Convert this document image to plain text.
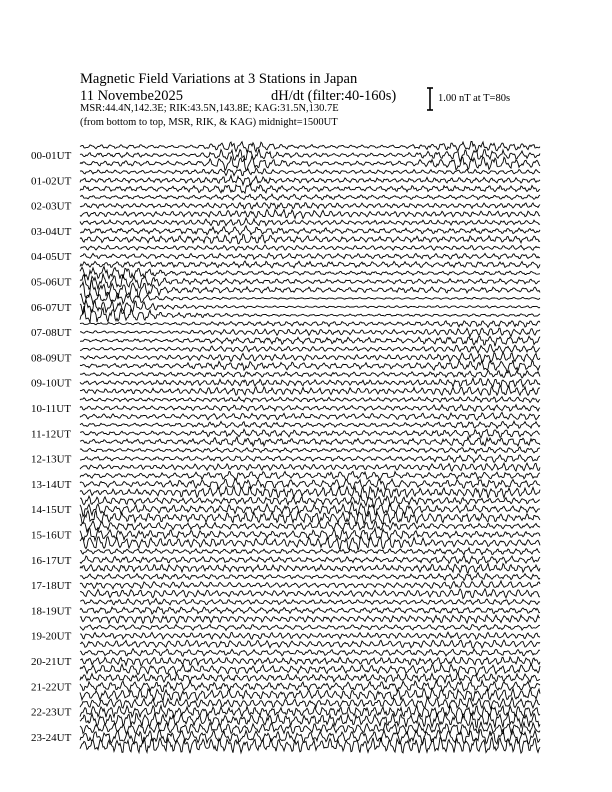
Magnetic Field Variations at 3 Stations in Japan
11 Novembe2025	dH/dt (filter:40-160s)
MSR:44.4N,142.3E; RIK:43.5N,143.8E; KAG:31.5N,130.7E
(from bottom to top, MSR, RIK, & KAG) midnight=1500UT
1.00 nT at T=80s
00-01UT
01-02UT
02-03UT
03-04UT
04-05UT
05-06UT
06-07UT
07-08UT
08-09UT
09-10UT
10-11UT
11-12UT
12-13UT
13-14UT
14-15UT
15-16UT
16-17UT
17-18UT
18-19UT
19-20UT
20-21UT
21-22UT
22-23UT
23-24UT
